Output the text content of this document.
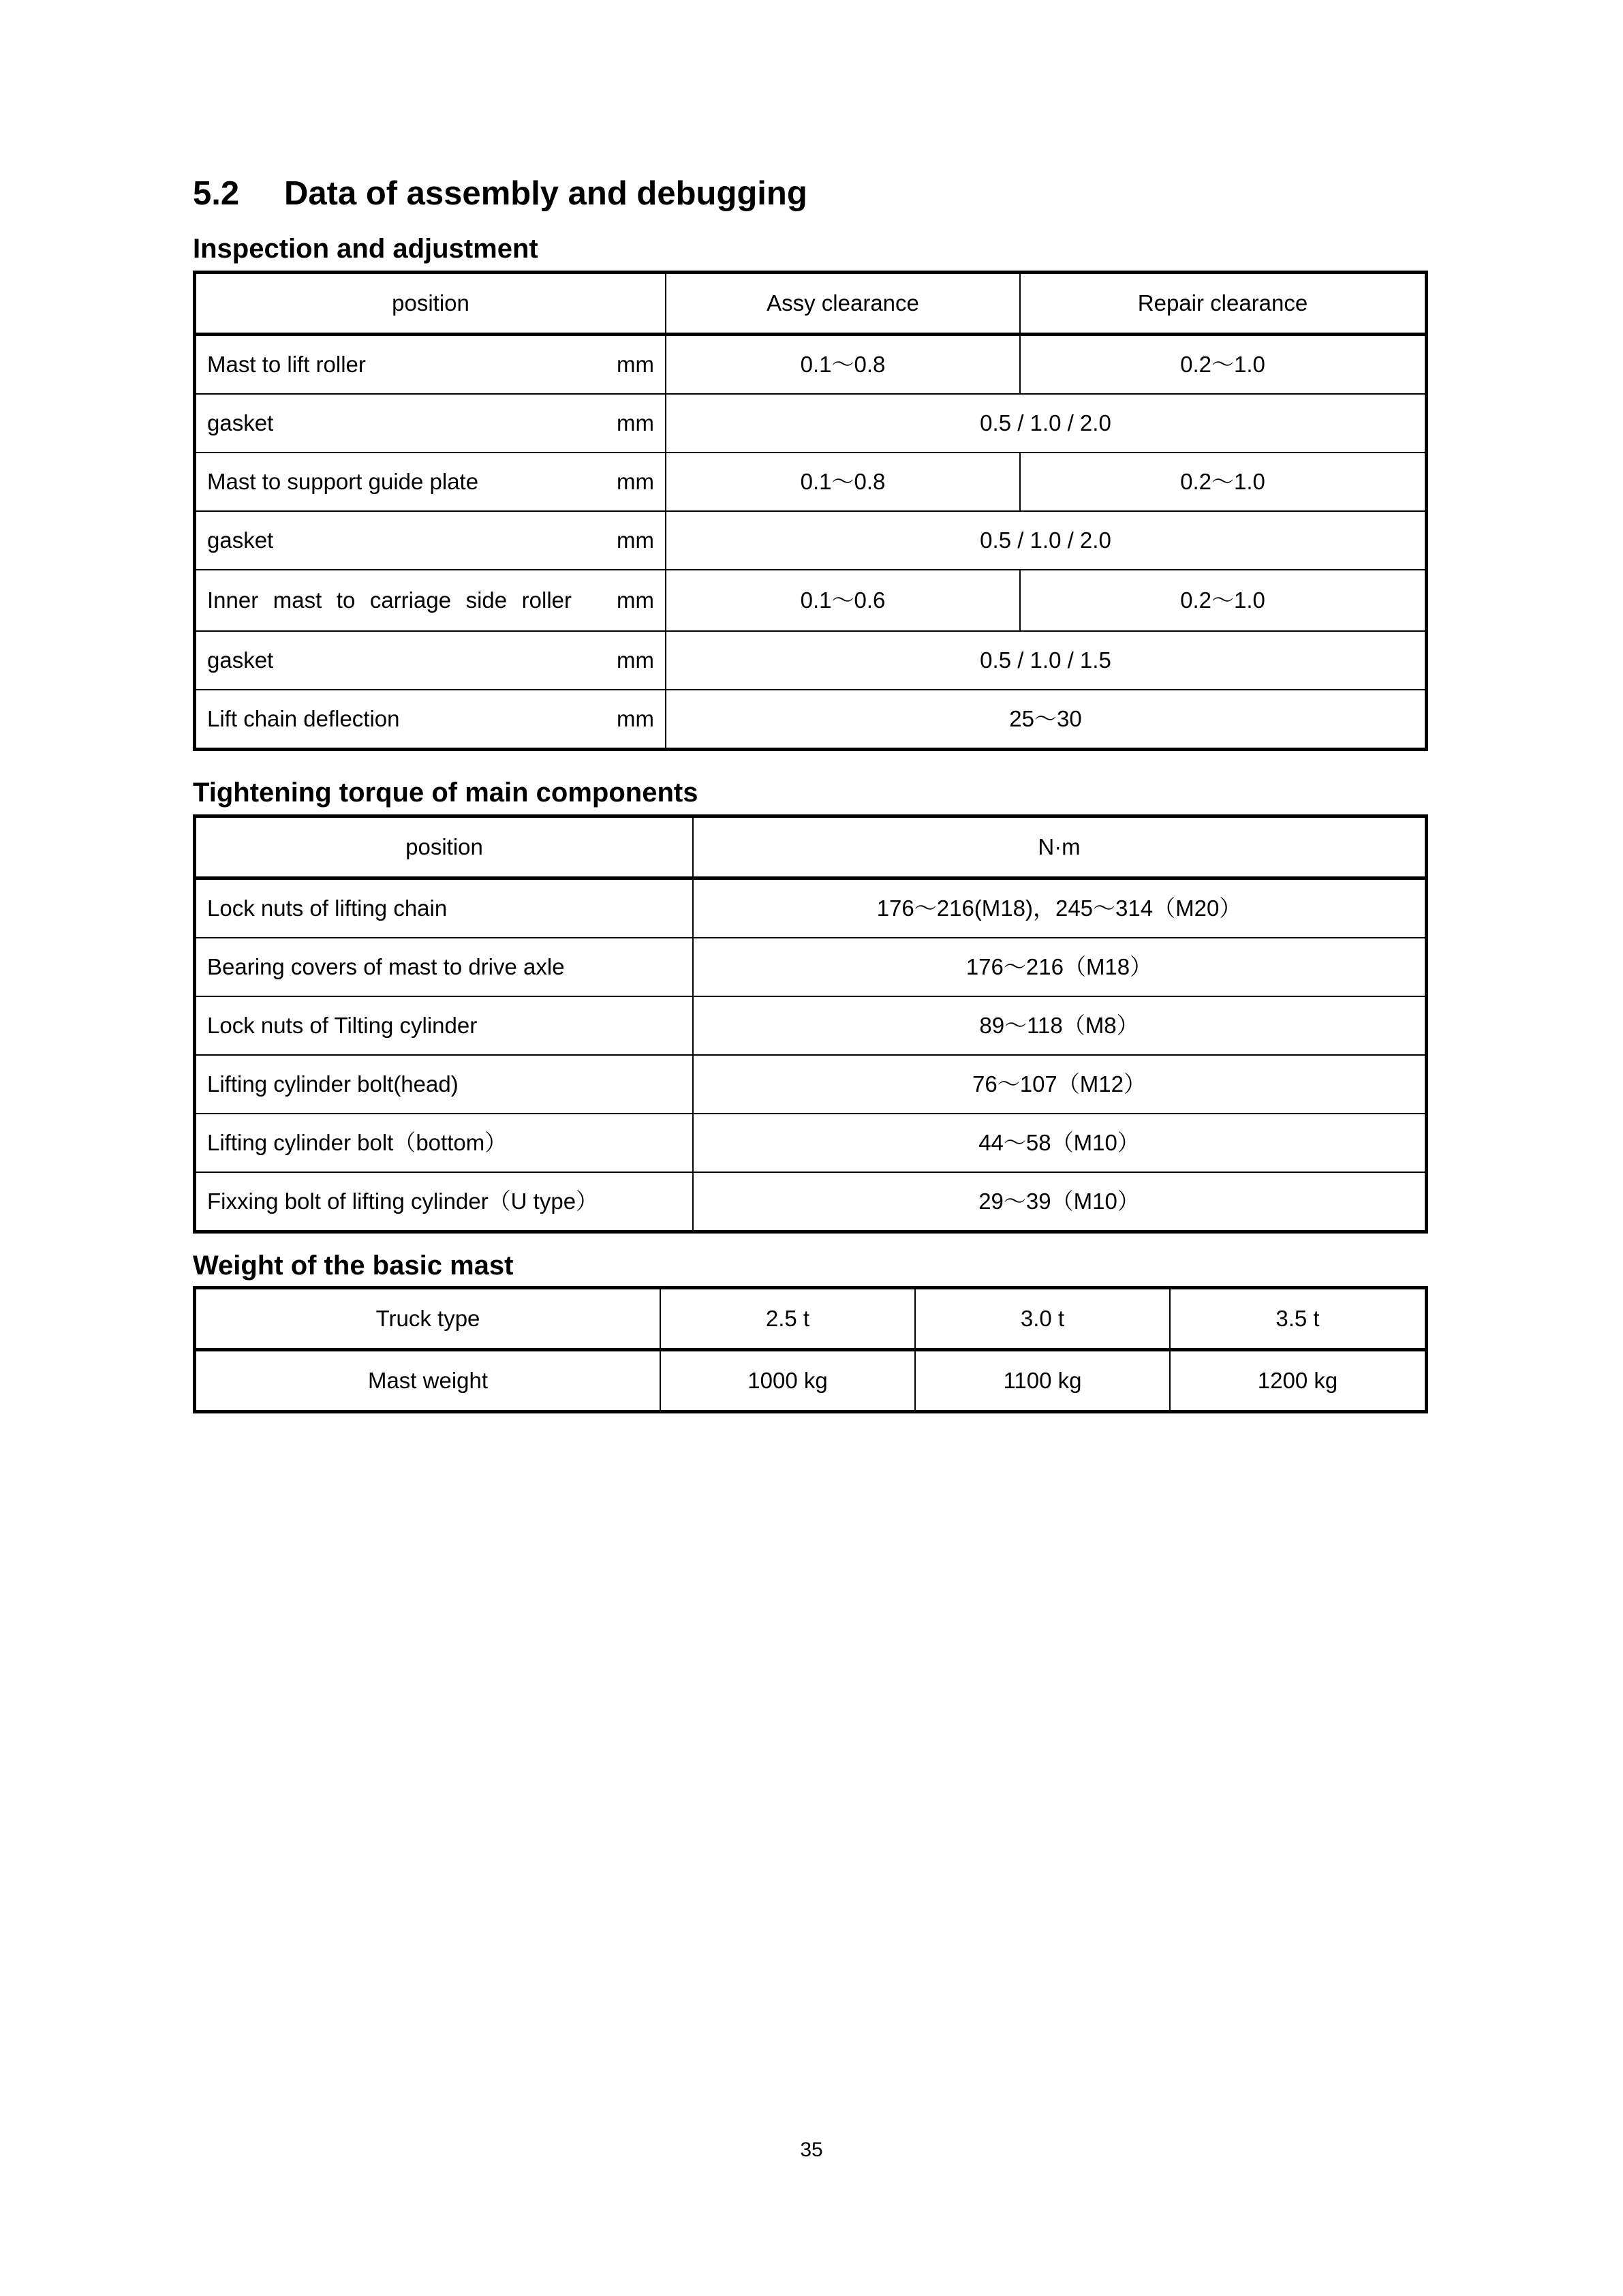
5.2 Data of assembly and debugging
Inspection and adjustment
position	Assy clearance	Repair clearance

Mast to lift roller mm	0.1～0.8	0.2～1.0

gasket mm	0.5 / 1.0 / 2.0	

Mast to support guide plate mm	0.1～0.8	0.2～1.0

gasket mm	0.5 / 1.0 / 2.0	

Inner mast to carriage side roller mm	0.1～0.6	0.2～1.0

gasket mm	0.5 / 1.0 / 1.5	

Lift chain deflection mm	25～30	
Tightening torque of main components
position	N·m
Lock nuts of lifting chain	176～216(M18)，245～314（M20）
Bearing covers of mast to drive axle	176～216（M18）
Lock nuts of Tilting cylinder	89～118（M8）
Lifting cylinder bolt(head)	76～107（M12）
Lifting cylinder bolt（bottom）	44～58（M10）
Fixxing bolt of lifting cylinder（U type）	29～39（M10）
Weight of the basic mast
Truck type	2.5 t	3.0 t	3.5 t
Mast weight	1000 kg	1100 kg	1200 kg
35
